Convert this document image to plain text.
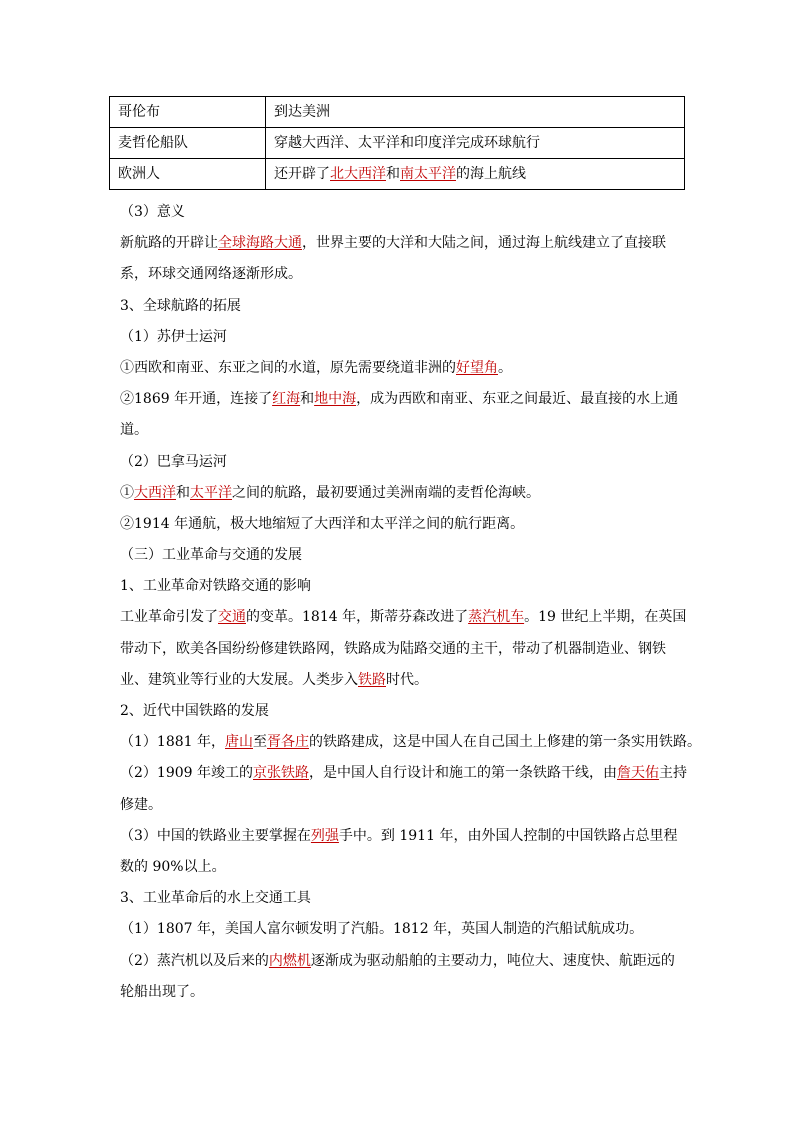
哥伦布	到达美洲
麦哲伦船队	穿越大西洋、太平洋和印度洋完成环球航行
欧洲人	还开辟了北大西洋和南太平洋的海上航线
（3）意义
新航路的开辟让全球海路大通，世界主要的大洋和大陆之间，通过海上航线建立了直接联
系，环球交通网络逐渐形成。
3、全球航路的拓展
（1）苏伊士运河
①西欧和南亚、东亚之间的水道，原先需要绕道非洲的好望角。
②1869 年开通，连接了红海和地中海，成为西欧和南亚、东亚之间最近、最直接的水上通
道。
（2）巴拿马运河
①大西洋和太平洋之间的航路，最初要通过美洲南端的麦哲伦海峡。
②1914 年通航，极大地缩短了大西洋和太平洋之间的航行距离。
（三）工业革命与交通的发展
1、工业革命对铁路交通的影响
工业革命引发了交通的变革。1814 年，斯蒂芬森改进了蒸汽机车。19 世纪上半期，在英国
带动下，欧美各国纷纷修建铁路网，铁路成为陆路交通的主干，带动了机器制造业、钢铁
业、建筑业等行业的大发展。人类步入铁路时代。
2、近代中国铁路的发展
（1）1881 年，唐山至胥各庄的铁路建成，这是中国人在自己国土上修建的第一条实用铁路。
（2）1909 年竣工的京张铁路，是中国人自行设计和施工的第一条铁路干线，由詹天佑主持
修建。
（3）中国的铁路业主要掌握在列强手中。到 1911 年，由外国人控制的中国铁路占总里程
数的 90%以上。
3、工业革命后的水上交通工具
（1）1807 年，美国人富尔顿发明了汽船。1812 年，英国人制造的汽船试航成功。
（2）蒸汽机以及后来的内燃机逐渐成为驱动船舶的主要动力，吨位大、速度快、航距远的
轮船出现了。
